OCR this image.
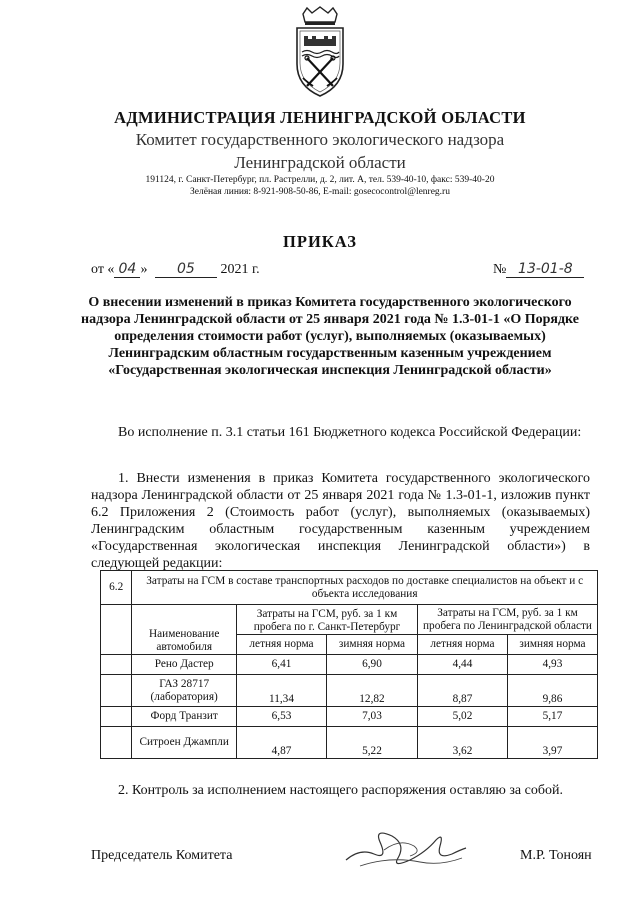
АДМИНИСТРАЦИЯ ЛЕНИНГРАДСКОЙ ОБЛАСТИ
Комитет государственного экологического надзора
Ленинградской области
191124, г. Санкт-Петербург, пл. Растрелли, д. 2, лит. А, тел. 539-40-10, факс: 539-40-20
Зелёная линия: 8-921-908-50-86, E-mail: gosecocontrol@lenreg.ru
ПРИКАЗ
от « 04 » 05 2021 г.	№ 13-01-8
О внесении изменений в приказ Комитета государственного экологического надзора Ленинградской области от 25 января 2021 года № 1.3-01-1 «О Порядке определения стоимости работ (услуг), выполняемых (оказываемых) Ленинградским областным государственным казенным учреждением «Государственная экологическая инспекция Ленинградской области»
Во исполнение п. 3.1 статьи 161 Бюджетного кодекса Российской Федерации:
1. Внести изменения в приказ Комитета государственного экологического надзора Ленинградской области от 25 января 2021 года № 1.3-01-1, изложив пункт 6.2 Приложения 2 (Стоимость работ (услуг), выполняемых (оказываемых) Ленинградским областным государственным казенным учреждением «Государственная экологическая инспекция Ленинградской области») в следующей редакции:
6.2	Затраты на ГСМ в составе транспортных расходов по доставке специалистов на объект и с объекта исследования				
	Наименование автомобиля	Затраты на ГСМ, руб. за 1 км пробега по г. Санкт-Петербург		Затраты на ГСМ, руб. за 1 км пробега по Ленинградской области	
		летняя норма	зимняя норма	летняя норма	зимняя норма
	Рено Дастер	6,41	6,90	4,44	4,93
	ГАЗ 28717 (лаборатория)	11,34	12,82	8,87	9,86
	Форд Транзит	6,53	7,03	5,02	5,17
	Ситроен Джампли	4,87	5,22	3,62	3,97
2. Контроль за исполнением настоящего распоряжения оставляю за собой.
Председатель Комитета	М.Р. Тоноян
